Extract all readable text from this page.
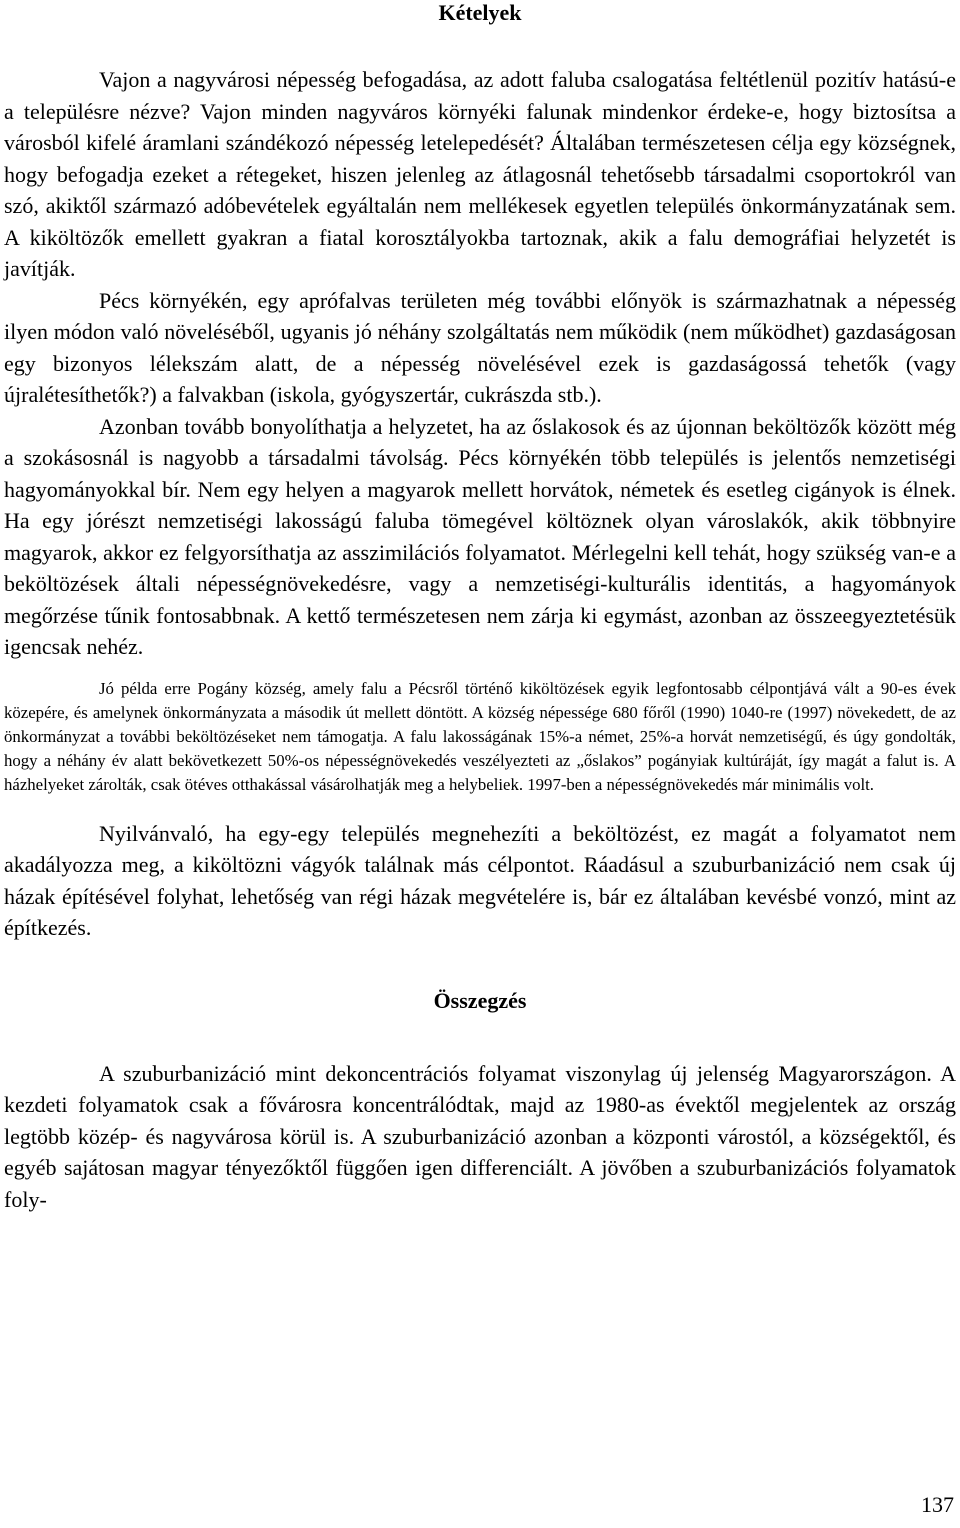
Kételyek

Vajon a nagyvárosi népesség befogadása, az adott faluba csalogatása feltétlenül pozitív hatású-e a településre nézve? Vajon minden nagyváros környéki falunak mindenkor érdeke-e, hogy biztosítsa a városból kifelé áramlani szándékozó népesség letelepedését? Általában természetesen célja egy községnek, hogy befogadja ezeket a rétegeket, hiszen jelenleg az átlagosnál tehetősebb társadalmi csoportokról van szó, akiktől származó adóbevételek egyáltalán nem mellékesek egyetlen település önkormányzatának sem. A kiköltözők emellett gyakran a fiatal korosztályokba tartoznak, akik a falu demográfiai helyzetét is javítják.

Pécs környékén, egy aprófalvas területen még további előnyök is származhatnak a népesség ilyen módon való növeléséből, ugyanis jó néhány szolgáltatás nem működik (nem működhet) gazdaságosan egy bizonyos lélekszám alatt, de a népesség növelésével ezek is gazdaságossá tehetők (vagy újralétesíthetők?) a falvakban (iskola, gyógyszertár, cukrászda stb.).

Azonban tovább bonyolíthatja a helyzetet, ha az őslakosok és az újonnan beköltözők között még a szokásosnál is nagyobb a társadalmi távolság. Pécs környékén több település is jelentős nemzetiségi hagyományokkal bír. Nem egy helyen a magyarok mellett horvátok, németek és esetleg cigányok is élnek. Ha egy jórészt nemzetiségi lakosságú faluba tömegével költöznek olyan városlakók, akik többnyire magyarok, akkor ez felgyorsíthatja az asszimilációs folyamatot. Mérlegelni kell tehát, hogy szükség van-e a beköltözések általi népességnövekedésre, vagy a nemzetiségi-kulturális identitás, a hagyományok megőrzése tűnik fontosabbnak. A kettő természetesen nem zárja ki egymást, azonban az összeegyeztetésük igencsak nehéz.

Jó példa erre Pogány község, amely falu a Pécsről történő kiköltözések egyik legfontosabb célpontjává vált a 90-es évek közepére, és amelynek önkormányzata a második út mellett döntött. A község népessége 680 főről (1990) 1040-re (1997) növekedett, de az önkormányzat a további beköltözéseket nem támogatja. A falu lakosságának 15%-a német, 25%-a horvát nemzetiségű, és úgy gondolták, hogy a néhány év alatt bekövetkezett 50%-os népességnövekedés veszélyezteti az „őslakos” pogányiak kultúráját, így magát a falut is. A házhelyeket zárolták, csak ötéves otthakással vásárolhatják meg a helybeliek. 1997-ben a népességnövekedés már minimális volt.

Nyilvánvaló, ha egy-egy település megnehezíti a beköltözést, ez magát a folyamatot nem akadályozza meg, a kiköltözni vágyók találnak más célpontot. Ráadásul a szuburbanizáció nem csak új házak építésével folyhat, lehetőség van régi házak megvételére is, bár ez általában kevésbé vonzó, mint az építkezés.

Összegzés

A szuburbanizáció mint dekoncentrációs folyamat viszonylag új jelenség Magyarországon. A kezdeti folyamatok csak a fővárosra koncentrálódtak, majd az 1980-as évektől megjelentek az ország legtöbb közép- és nagyvárosa körül is. A szuburbanizáció azonban a központi várostól, a községektől, és egyéb sajátosan magyar tényezőktől függően igen differenciált. A jövőben a szuburbanizációs folyamatok foly-

137
